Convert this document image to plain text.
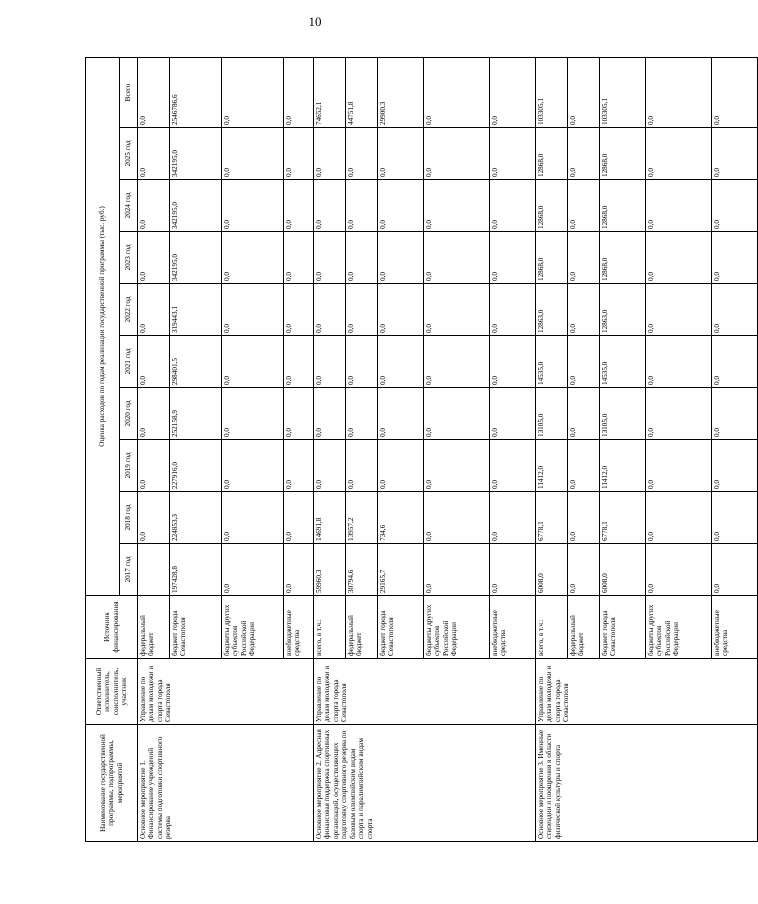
10
Наименование государственной программы, подпрограммы, мероприятий	Ответственный исполнитель, соисполнитель, участник	Источник финансирования	Оценка расходов по годам реализации государственной программы (тыс. руб.)									
			2017 год	2018 год	2019 год	2020 год	2021 год	2022 год	2023 год	2024 год	2025 год	Всего
Основное мероприятие 1. Финансирование учреждений системы подготовки спортивного резерва	Управление по делам молодежи и спорта города Севастополя	федеральный бюджет		0,0	0,0	0,0	0,0	0,0	0,0	0,0	0,0	0,0
		бюджет города Севастополя	197428,8	224853,3	227916,0	252158,9	298401,5	319443,1	342195,0	342195,0	342195,0	2546786,6
		бюджеты других субъектов Российской Федерации	0,0	0,0	0,0	0,0	0,0	0,0	0,0	0,0	0,0	0,0
		внебюджетные средства	0,0	0,0	0,0	0,0	0,0	0,0	0,0	0,0	0,0	0,0
Основное мероприятие 2. Адресная финансовая поддержка спортивных организаций, осуществляющих подготовку спортивного резерва по базовым олимпийским видам спорта и паралимпийским видам спорта	Управление по делам молодежи и спорта города Севастополя	всего, в т.ч.:	59960,3	14691,8	0,0	0,0	0,0	0,0	0,0	0,0	0,0	74652,1
		федеральный бюджет	30794,6	13957,2	0,0	0,0	0,0	0,0	0,0	0,0	0,0	44751,8
		бюджет города Севастополя	29165,7	734,6	0,0	0,0	0,0	0,0	0,0	0,0	0,0	29900,3
		бюджеты других субъектов Российской Федерации	0,0	0,0	0,0	0,0	0,0	0,0	0,0	0,0	0,0	0,0
		внебюджетные средства	0,0	0,0	0,0	0,0	0,0	0,0	0,0	0,0	0,0	0,0
Основное мероприятие 3. Именные стипендии и поощрения в области физической культуры и спорта	Управление по делам молодежи и спорта города Севастополя	всего, в т.ч.:	6008,0	6778,1	11412,0	13105,0	14535,0	12863,0	12868,0	12868,0	12868,0	103305,1
		федеральный бюджет	0,0	0,0	0,0	0,0	0,0	0,0	0,0	0,0	0,0	0,0
		бюджет города Севастополя	6008,0	6778,1	11412,0	13105,0	14535,0	12863,0	12868,0	12868,0	12868,0	103305,1
		бюджеты других субъектов Российской Федерации	0,0	0,0	0,0	0,0	0,0	0,0	0,0	0,0	0,0	0,0
		внебюджетные средства	0,0	0,0	0,0	0,0	0,0	0,0	0,0	0,0	0,0	0,0
